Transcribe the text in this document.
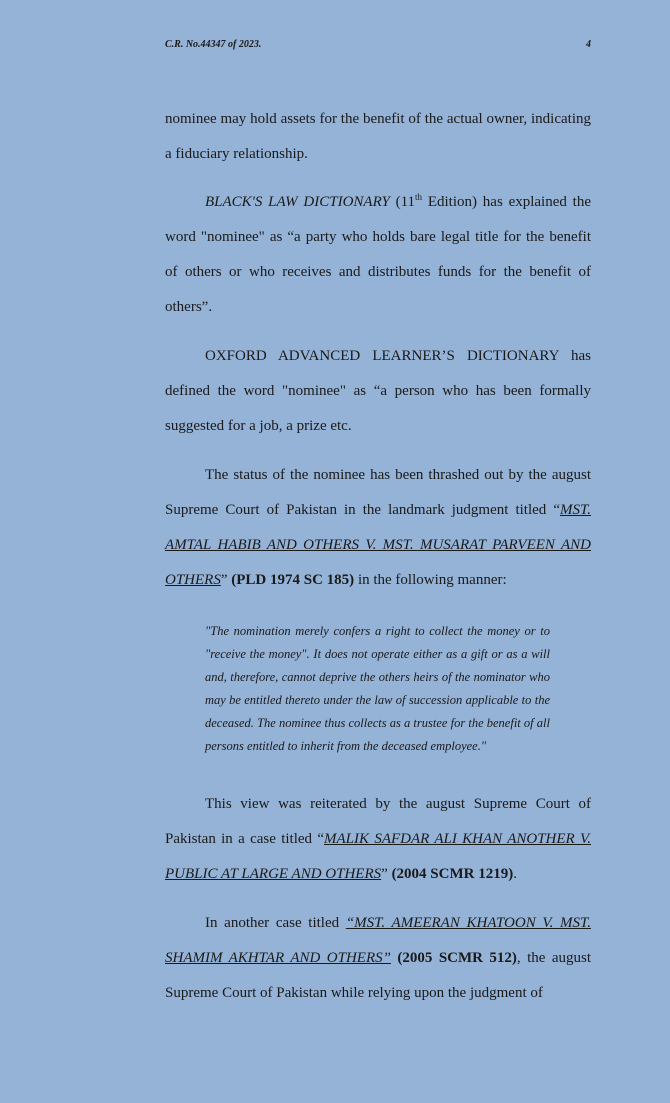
C.R. No.44347 of 2023.	4

nominee may hold assets for the benefit of the actual owner, indicating a fiduciary relationship.

BLACK'S LAW DICTIONARY (11th Edition) has explained the word "nominee" as “a party who holds bare legal title for the benefit of others or who receives and distributes funds for the benefit of others”.

OXFORD ADVANCED LEARNER’S DICTIONARY has defined the word "nominee" as “a person who has been formally suggested for a job, a prize etc.

The status of the nominee has been thrashed out by the august Supreme Court of Pakistan in the landmark judgment titled “MST. AMTAL HABIB AND OTHERS V. MST. MUSARAT PARVEEN AND OTHERS” (PLD 1974 SC 185) in the following manner:

"The nomination merely confers a right to collect the money or to "receive the money". It does not operate either as a gift or as a will and, therefore, cannot deprive the others heirs of the nominator who may be entitled thereto under the law of succession applicable to the deceased. The nominee thus collects as a trustee for the benefit of all persons entitled to inherit from the deceased employee."

This view was reiterated by the august Supreme Court of Pakistan in a case titled “MALIK SAFDAR ALI KHAN ANOTHER V. PUBLIC AT LARGE AND OTHERS” (2004 SCMR 1219).

In another case titled “MST. AMEERAN KHATOON V. MST. SHAMIM AKHTAR AND OTHERS” (2005 SCMR 512), the august Supreme Court of Pakistan while relying upon the judgment of
